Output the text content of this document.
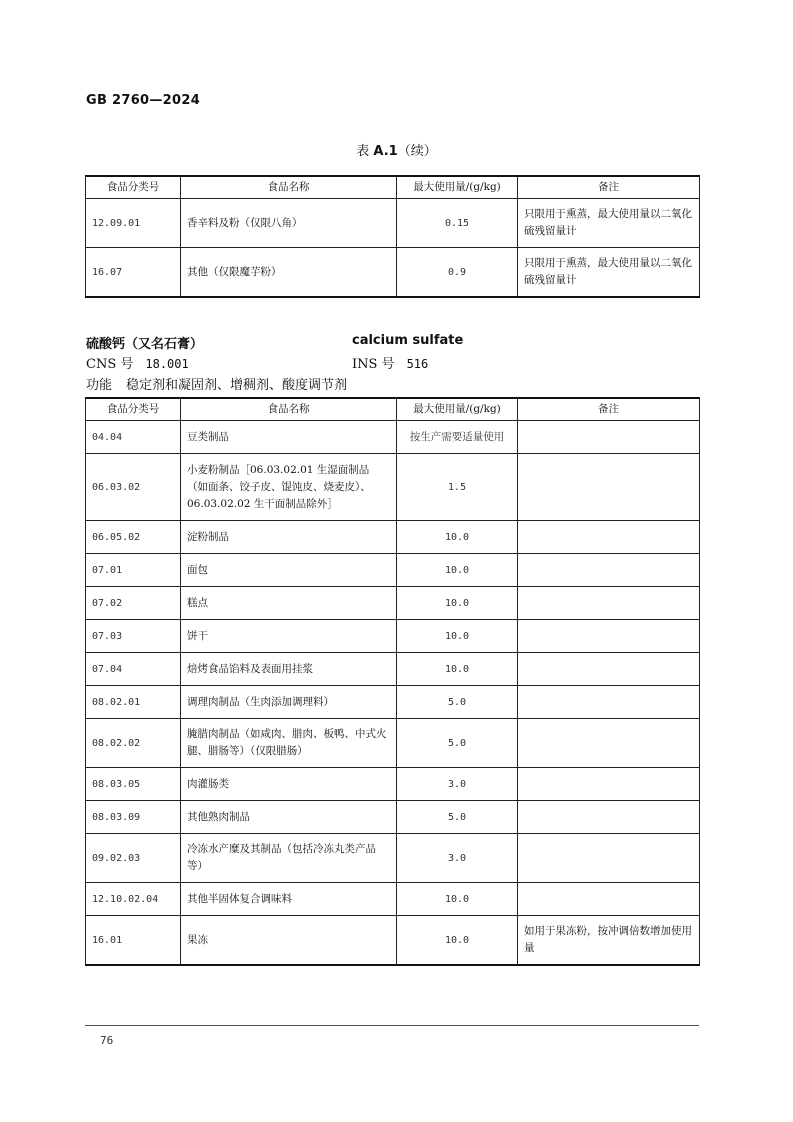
GB 2760—2024
表 A.1（续）
食品分类号	食品名称	最大使用量/(g/kg)	备注
12.09.01	香辛料及粉（仅限八角）	0.15	只限用于熏蒸，最大使用量以二氧化硫残留量计
16.07	其他（仅限魔芋粉）	0.9	只限用于熏蒸，最大使用量以二氧化硫残留量计
硫酸钙（又名石膏）	calcium sulfate
CNS 号 18.001	INS 号 516
功能 稳定剂和凝固剂、增稠剂、酸度调节剂
食品分类号	食品名称	最大使用量/(g/kg)	备注
04.04	豆类制品	按生产需要适量使用	
06.03.02	小麦粉制品［06.03.02.01 生湿面制品（如面条、饺子皮、馄饨皮、烧麦皮）、06.03.02.02 生干面制品除外］	1.5	
06.05.02	淀粉制品	10.0	
07.01	面包	10.0	
07.02	糕点	10.0	
07.03	饼干	10.0	
07.04	焙烤食品馅料及表面用挂浆	10.0	
08.02.01	调理肉制品（生肉添加调理料）	5.0	
08.02.02	腌腊肉制品（如咸肉、腊肉、板鸭、中式火腿、腊肠等）（仅限腊肠）	5.0	
08.03.05	肉灌肠类	3.0	
08.03.09	其他熟肉制品	5.0	
09.02.03	冷冻水产糜及其制品（包括冷冻丸类产品等）	3.0	
12.10.02.04	其他半固体复合调味料	10.0	
16.01	果冻	10.0	如用于果冻粉，按冲调倍数增加使用量
76
